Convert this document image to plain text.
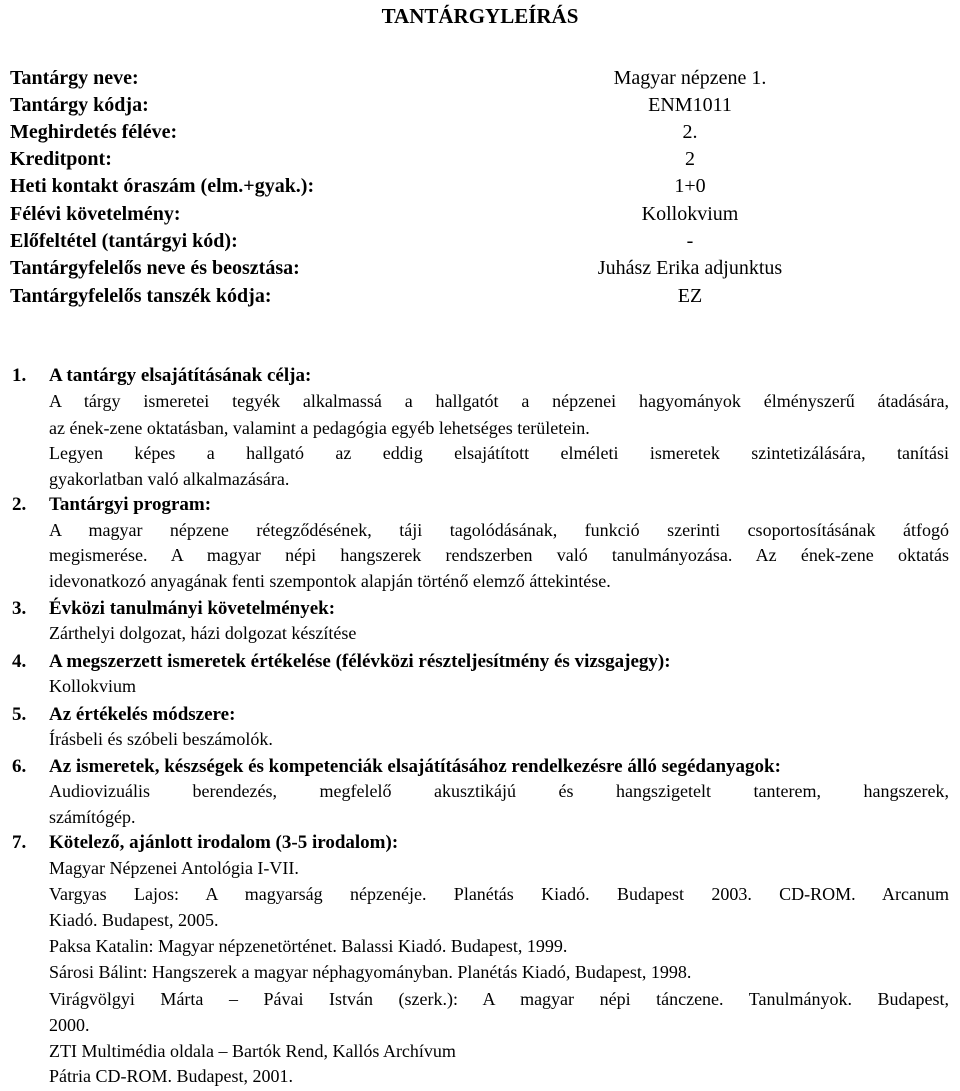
TANTÁRGYLEÍRÁS
Tantárgy neve:	Magyar népzene 1.
Tantárgy kódja:	ENM1011
Meghirdetés féléve:	2.
Kreditpont:	2
Heti kontakt óraszám (elm.+gyak.):	1+0
Félévi követelmény:	Kollokvium
Előfeltétel (tantárgyi kód):	-
Tantárgyfelelős neve és beosztása:	Juhász Erika adjunktus
Tantárgyfelelős tanszék kódja:	EZ
1. A tantárgy elsajátításának célja:
A tárgy ismeretei tegyék alkalmassá a hallgatót a népzenei hagyományok élményszerű átadására,
az ének-zene oktatásban, valamint a pedagógia egyéb lehetséges területein.
Legyen képes a hallgató az eddig elsajátított elméleti ismeretek szintetizálására, tanítási
gyakorlatban való alkalmazására.
2. Tantárgyi program:
A magyar népzene rétegződésének, táji tagolódásának, funkció szerinti csoportosításának átfogó
megismerése. A magyar népi hangszerek rendszerben való tanulmányozása. Az ének-zene oktatás
idevonatkozó anyagának fenti szempontok alapján történő elemző áttekintése.
3. Évközi tanulmányi követelmények:
Zárthelyi dolgozat, házi dolgozat készítése
4. A megszerzett ismeretek értékelése (félévközi részteljesítmény és vizsgajegy):
Kollokvium
5. Az értékelés módszere:
Írásbeli és szóbeli beszámolók.
6. Az ismeretek, készségek és kompetenciák elsajátításához rendelkezésre álló segédanyagok:
Audiovizuális berendezés, megfelelő akusztikájú és hangszigetelt tanterem, hangszerek,
számítógép.
7. Kötelező, ajánlott irodalom (3-5 irodalom):
Magyar Népzenei Antológia I-VII.
Vargyas Lajos: A magyarság népzenéje. Planétás Kiadó. Budapest 2003. CD-ROM. Arcanum
Kiadó. Budapest, 2005.
Paksa Katalin: Magyar népzenetörténet. Balassi Kiadó. Budapest, 1999.
Sárosi Bálint: Hangszerek a magyar néphagyományban. Planétás Kiadó, Budapest, 1998.
Virágvölgyi Márta – Pávai István (szerk.): A magyar népi tánczene. Tanulmányok. Budapest,
2000.
ZTI Multimédia oldala – Bartók Rend, Kallós Archívum
Pátria CD-ROM. Budapest, 2001.
